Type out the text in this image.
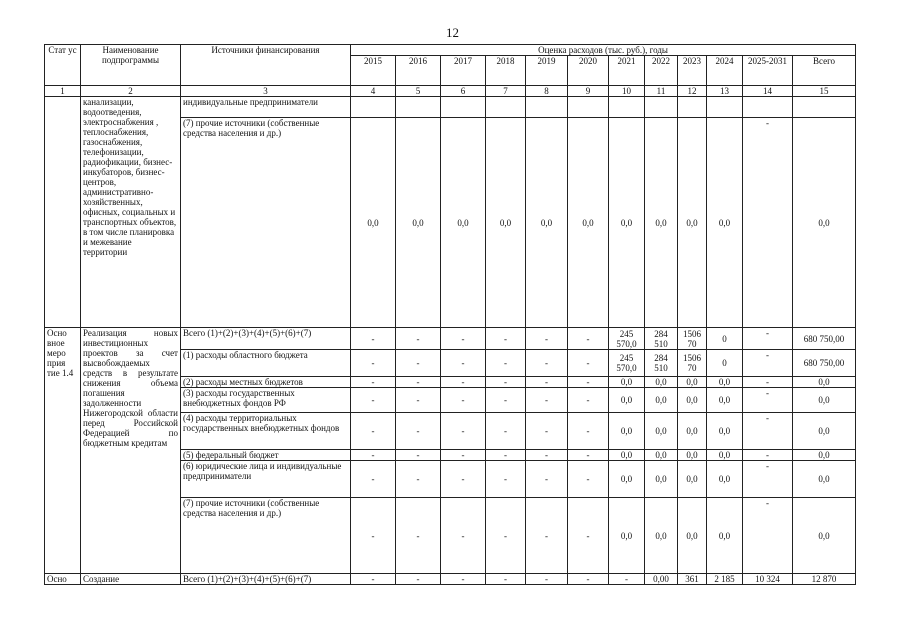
12
Стат ус	Наименование подпрограммы	Источники финансирования	Оценка расходов (тыс. руб.), годы											
			2015	2016	2017	2018	2019	2020	2021	2022	2023	2024	2025-2031	Всего
1	2	3	4	5	6	7	8	9	10	11	12	13	14	15
	канализации, водоотведения, электроснабжения , теплоснабжения, газоснабжения, телефонизации, радиофикации, бизнес-инкубаторов, бизнес-центров, административно-хозяйственных, офисных, социальных и транспортных объектов, в том числе планировка и межевание территории	индивидуальные предприниматели												
		(7) прочие источники (собственные средства населения и др.)	0,0	0,0	0,0	0,0	0,0	0,0	0,0	0,0	0,0	0,0	-	0,0
Осно вное меро прия тие 1.4	Реализация новых инвестиционных проектов за счет высвобождаемых средств в результате снижения объема погашения задолженности Нижегородской области перед Российской Федерацией по бюджетным кредитам	Всего (1)+(2)+(3)+(4)+(5)+(6)+(7)	-	-	-	-	-	-	245 570,0	284 510	1506 70	0	-	680 750,00
		(1) расходы областного бюджета	-	-	-	-	-	-	245 570,0	284 510	1506 70	0	-	680 750,00
		(2) расходы местных бюджетов	-	-	-	-	-	-	0,0	0,0	0,0	0,0	-	0,0
		(3) расходы государственных внебюджетных фондов РФ	-	-	-	-	-	-	0,0	0,0	0,0	0,0	-	0,0
		(4) расходы территориальных государственных внебюджетных фондов	-	-	-	-	-	-	0,0	0,0	0,0	0,0	-	0,0
		(5) федеральный бюджет	-	-	-	-	-	-	0,0	0,0	0,0	0,0	-	0,0
		(6) юридические лица и индивидуальные предприниматели	-	-	-	-	-	-	0,0	0,0	0,0	0,0	-	0,0
		(7) прочие источники (собственные средства населения и др.)	-	-	-	-	-	-	0,0	0,0	0,0	0,0	-	0,0
Осно	Создание	Всего (1)+(2)+(3)+(4)+(5)+(6)+(7)	-	-	-	-	-	-	-	0,00	361	2 185	10 324	12 870
